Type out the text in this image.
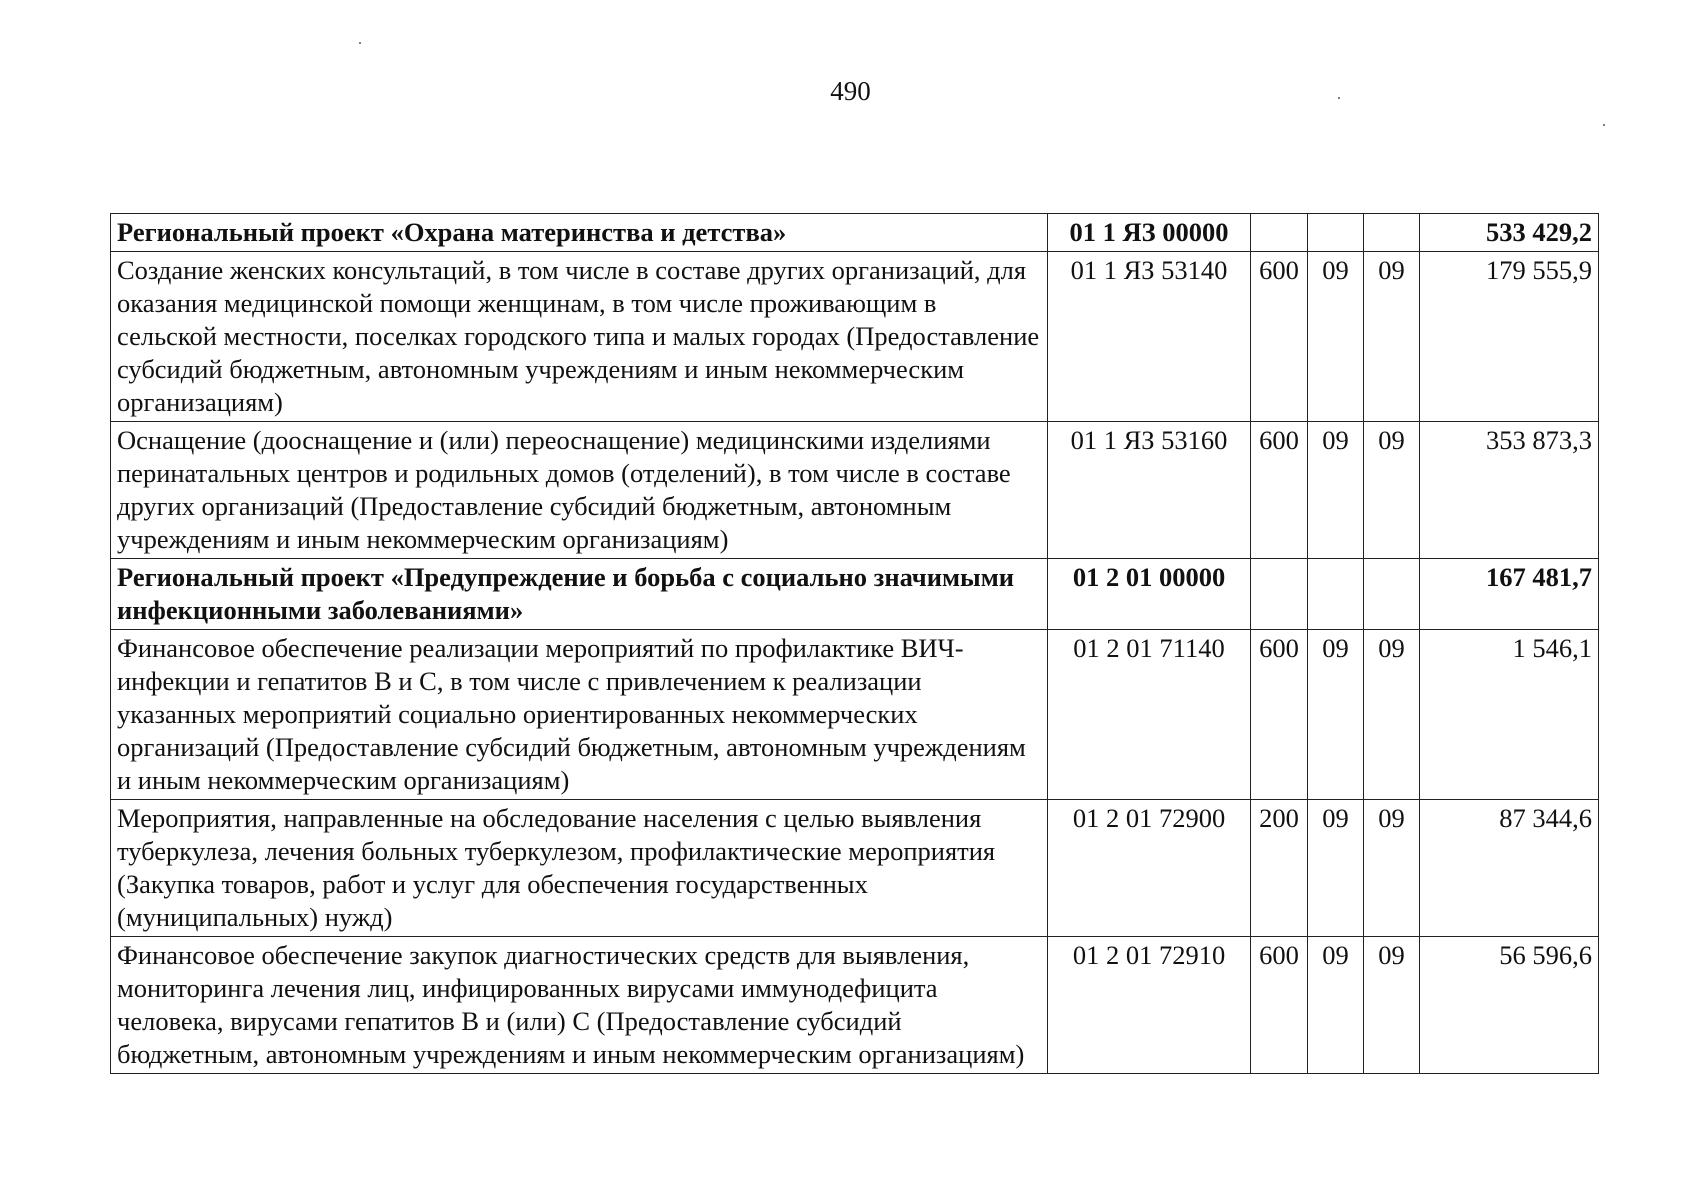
490
Региональный проект «Охрана материнства и детства»	01 1 ЯЗ 00000				533 429,2
Создание женских консультаций, в том числе в составе других организаций, для оказания медицинской помощи женщинам, в том числе проживающим в сельской местности, поселках городского типа и малых городах (Предоставление субсидий бюджетным, автономным учреждениям и иным некоммерческим организациям)	01 1 ЯЗ 53140	600	09	09	179 555,9
Оснащение (дооснащение и (или) переоснащение) медицинскими изделиями перинатальных центров и родильных домов (отделений), в том числе в составе других организаций (Предоставление субсидий бюджетным, автономным учреждениям и иным некоммерческим организациям)	01 1 ЯЗ 53160	600	09	09	353 873,3
Региональный проект «Предупреждение и борьба с социально значимыми инфекционными заболеваниями»	01 2 01 00000				167 481,7
Финансовое обеспечение реализации мероприятий по профилактике ВИЧ-инфекции и гепатитов В и С, в том числе с привлечением к реализации указанных мероприятий социально ориентированных некоммерческих организаций (Предоставление субсидий бюджетным, автономным учреждениям и иным некоммерческим организациям)	01 2 01 71140	600	09	09	1 546,1
Мероприятия, направленные на обследование населения с целью выявления туберкулеза, лечения больных туберкулезом, профилактические мероприятия (Закупка товаров, работ и услуг для обеспечения государственных (муниципальных) нужд)	01 2 01 72900	200	09	09	87 344,6
Финансовое обеспечение закупок диагностических средств для выявления, мониторинга лечения лиц, инфицированных вирусами иммунодефицита человека, вирусами гепатитов В и (или) С (Предоставление субсидий бюджетным, автономным учреждениям и иным некоммерческим организациям)	01 2 01 72910	600	09	09	56 596,6
